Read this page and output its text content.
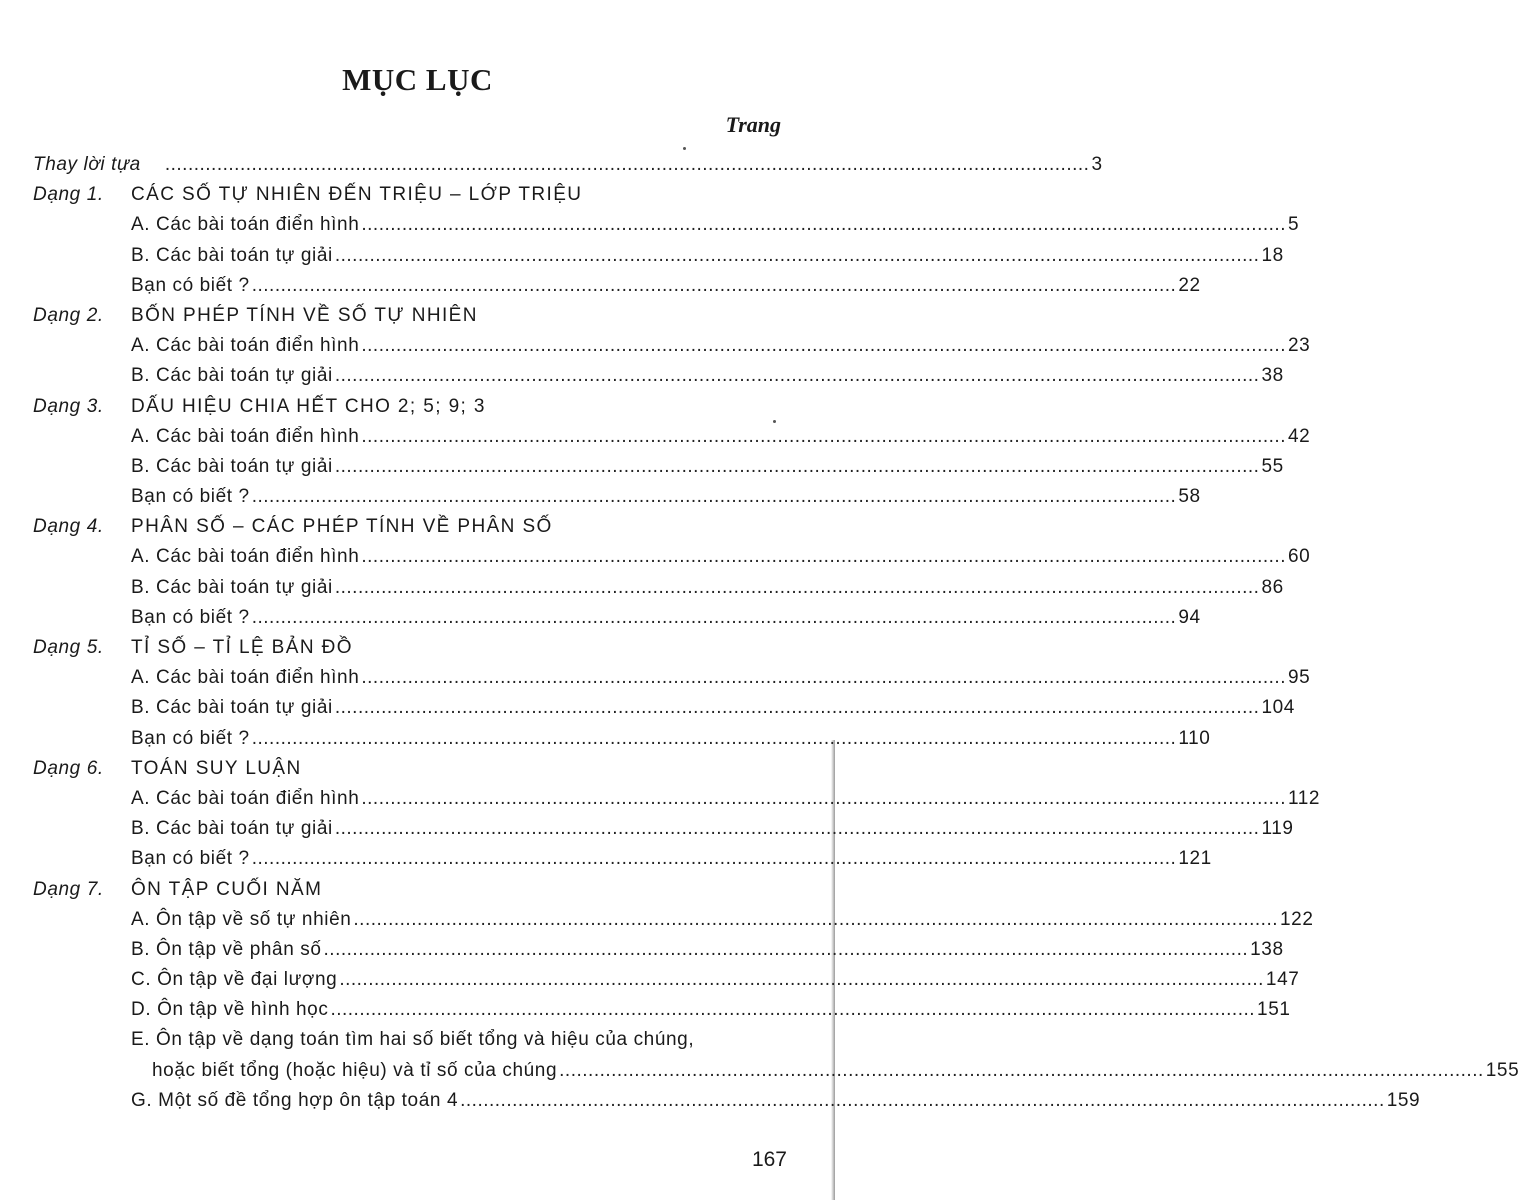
MỤC LỤC
Trang
Thay lời tựa ................................................................................................................................................................ 3
Dạng 1. CÁC SỐ TỰ NHIÊN ĐẾN TRIỆU – LỚP TRIỆU
A. Các bài toán điển hình ................................................................................................................................................................ 5
B. Các bài toán tự giải ................................................................................................................................................................ 18
Bạn có biết ? ................................................................................................................................................................ 22
Dạng 2. BỐN PHÉP TÍNH VỀ SỐ TỰ NHIÊN
A. Các bài toán điển hình ................................................................................................................................................................ 23
B. Các bài toán tự giải ................................................................................................................................................................ 38
Dạng 3. DẤU HIỆU CHIA HẾT CHO 2; 5; 9; 3
A. Các bài toán điển hình ................................................................................................................................................................ 42
B. Các bài toán tự giải ................................................................................................................................................................ 55
Bạn có biết ? ................................................................................................................................................................ 58
Dạng 4. PHÂN SỐ – CÁC PHÉP TÍNH VỀ PHÂN SỐ
A. Các bài toán điển hình ................................................................................................................................................................ 60
B. Các bài toán tự giải ................................................................................................................................................................ 86
Bạn có biết ? ................................................................................................................................................................ 94
Dạng 5. TỈ SỐ – TỈ LỆ BẢN ĐỒ
A. Các bài toán điển hình ................................................................................................................................................................ 95
B. Các bài toán tự giải ................................................................................................................................................................ 104
Bạn có biết ? ................................................................................................................................................................ 110
Dạng 6. TOÁN SUY LUẬN
A. Các bài toán điển hình ................................................................................................................................................................ 112
B. Các bài toán tự giải ................................................................................................................................................................ 119
Bạn có biết ? ................................................................................................................................................................ 121
Dạng 7. ÔN TẬP CUỐI NĂM
A. Ôn tập về số tự nhiên ................................................................................................................................................................ 122
B. Ôn tập về phân số ................................................................................................................................................................ 138
C. Ôn tập về đại lượng ................................................................................................................................................................ 147
D. Ôn tập về hình học ................................................................................................................................................................ 151
E. Ôn tập về dạng toán tìm hai số biết tổng và hiệu của chúng,
hoặc biết tổng (hoặc hiệu) và tỉ số của chúng ................................................................................................................................................................ 155
G. Một số đề tổng hợp ôn tập toán 4 ................................................................................................................................................................ 159
167
